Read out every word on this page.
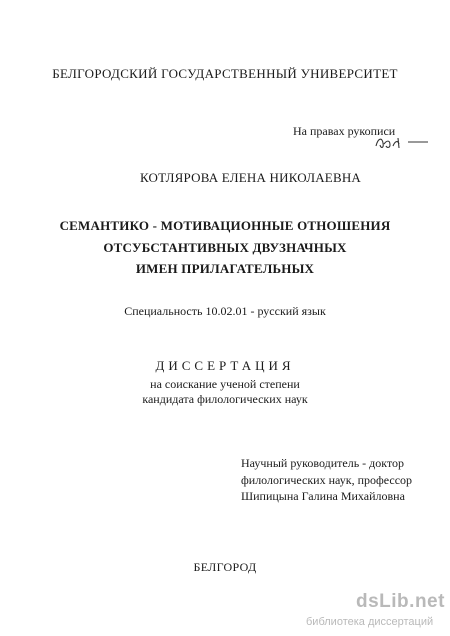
БЕЛГОРОДСКИЙ ГОСУДАРСТВЕННЫЙ УНИВЕРСИТЕТ
На правах рукописи
КОТЛЯРОВА ЕЛЕНА НИКОЛАЕВНА
СЕМАНТИКО - МОТИВАЦИОННЫЕ ОТНОШЕНИЯ
ОТСУБСТАНТИВНЫХ ДВУЗНАЧНЫХ
ИМЕН ПРИЛАГАТЕЛЬНЫХ
Специальность 10.02.01 - русский язык
ДИССЕРТАЦИЯ
на соискание ученой степени
кандидата филологических наук
Научный руководитель - доктор
филологических наук, профессор
Шипицына Галина Михайловна
БЕЛГОРОД
dsLib.net
библиотека диссертаций
